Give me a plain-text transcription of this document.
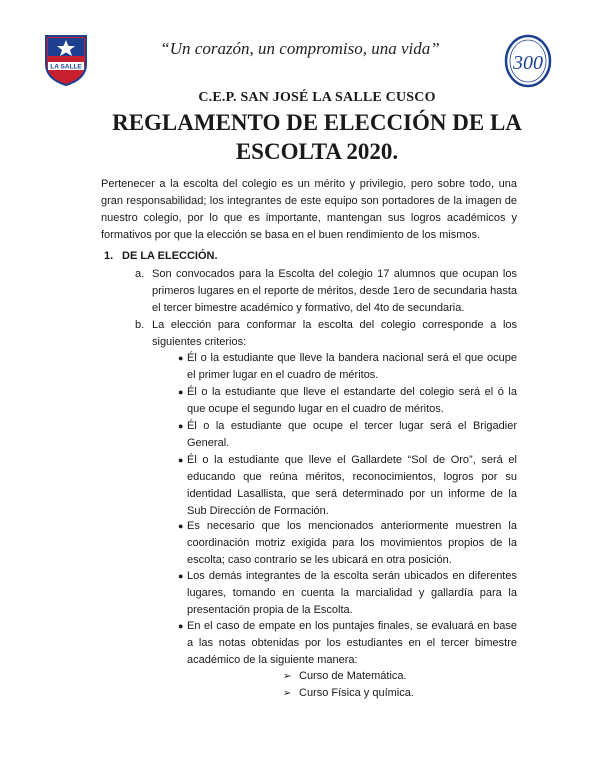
LA SALLE
“Un corazón, un compromiso, una vida”
300
C.E.P. SAN JOSÉ LA SALLE CUSCO
REGLAMENTO DE ELECCIÓN DE LA ESCOLTA 2020.
Pertenecer a la escolta del colegio es un mérito y privilegio, pero sobre todo, una gran responsabilidad; los integrantes de este equipo son portadores de la imagen de nuestro colegio, por lo que es importante, mantengan sus logros académicos y formativos por que la elección se basa en el buen rendimiento de los mismos.
1. DE LA ELECCIÓN.
a. Son convocados para la Escolta del colegio 17 alumnos que ocupan los primeros lugares en el reporte de méritos, desde 1ero de secundaria hasta el tercer bimestre académico y formativo, del 4to de secundaria.
b. La elección para conformar la escolta del colegio corresponde a los siguientes criterios:
● Él o la estudiante que lleve la bandera nacional será el que ocupe el primer lugar en el cuadro de méritos.
● Él o la estudiante que lleve el estandarte del colegio será el ó la que ocupe el segundo lugar en el cuadro de méritos.
● Él o la estudiante que ocupe el tercer lugar será el Brigadier General.
● Él o la estudiante que lleve el Gallardete “Sol de Oro”, será el educando que reúna méritos, reconocimientos, logros por su identidad Lasallista, que será determinado por un informe de la Sub Dirección de Formación.
● Es necesario que los mencionados anteriormente muestren la coordinación motriz exigida para los movimientos propios de la escolta; caso contrario se les ubicará en otra posición.
● Los demás integrantes de la escolta serán ubicados en diferentes lugares, tomando en cuenta la marcialidad y gallardía para la presentación propia de la Escolta.
● En el caso de empate en los puntajes finales, se evaluará en base a las notas obtenidas por los estudiantes en el tercer bimestre académico de la siguiente manera:
➢ Curso de Matemática.
➢ Curso Física y química.
